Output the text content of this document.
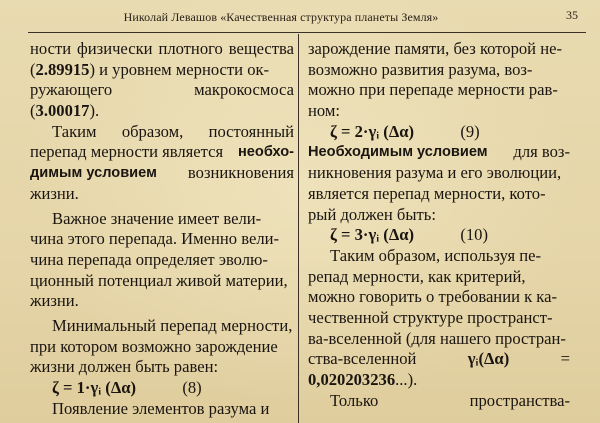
Николай Левашов «Качественная структура планеты Земля»	35
ности физически плотного вещества
(2.89915) и уровнем мерности ок-
ружающего	макрокосмоса
(3.00017).
Таким образом, постоянный
перепад мерности является необхо-
димым условием возникновения
жизни.
Важное значение имеет вели-
чина этого перепада. Именно вели-
чина перепада определяет эволю-
ционный потенциал живой материи,
жизни.
Минимальный перепад мерности,
при котором возможно зарождение
жизни должен быть равен:
ζ = 1·γᵢ (Δα)	(8)
Появление элементов разума и
зарождение памяти, без которой не-
возможно развития разума, воз-
можно при перепаде мерности рав-
ном:
ζ = 2·γᵢ (Δα)	(9)
Необходимым условием для воз-
никновения разума и его эволюции,
является перепад мерности, кото-
рый должен быть:
ζ = 3·γᵢ (Δα)	(10)
Таким образом, используя пе-
репад мерности, как критерий,
можно говорить о требовании к ка-
чественной структуре пространст-
ва-вселенной (для нашего простран-
ства-вселенной	γᵢ(Δα)	=
0,020203236...).
Только	пространства-
